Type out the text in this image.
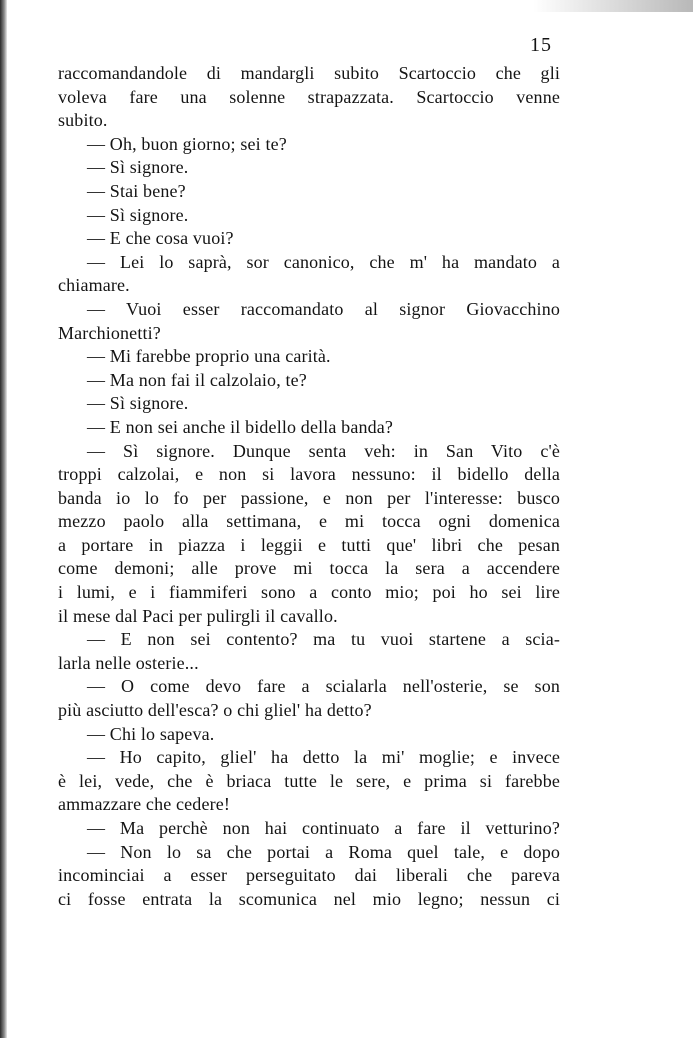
15
raccomandandole di mandargli subito Scartoccio che gli
voleva fare una solenne strapazzata. Scartoccio venne
subito.
— Oh, buon giorno; sei te?
— Sì signore.
— Stai bene?
— Sì signore.
— E che cosa vuoi?
— Lei lo saprà, sor canonico, che m' ha mandato a
chiamare.
— Vuoi esser raccomandato al signor Giovacchino
Marchionetti?
— Mi farebbe proprio una carità.
— Ma non fai il calzolaio, te?
— Sì signore.
— E non sei anche il bidello della banda?
— Sì signore. Dunque senta veh: in San Vito c'è
troppi calzolai, e non si lavora nessuno: il bidello della
banda io lo fo per passione, e non per l'interesse: busco
mezzo paolo alla settimana, e mi tocca ogni domenica
a portare in piazza i leggii e tutti que' libri che pesan
come demoni; alle prove mi tocca la sera a accendere
i lumi, e i fiammiferi sono a conto mio; poi ho sei lire
il mese dal Paci per pulirgli il cavallo.
— E non sei contento? ma tu vuoi startene a scia-
larla nelle osterie...
— O come devo fare a scialarla nell'osterie, se son
più asciutto dell'esca? o chi gliel' ha detto?
— Chi lo sapeva.
— Ho capito, gliel' ha detto la mi' moglie; e invece
è lei, vede, che è briaca tutte le sere, e prima si farebbe
ammazzare che cedere!
— Ma perchè non hai continuato a fare il vetturino?
— Non lo sa che portai a Roma quel tale, e dopo
incominciai a esser perseguitato dai liberali che pareva
ci fosse entrata la scomunica nel mio legno; nessun ci
